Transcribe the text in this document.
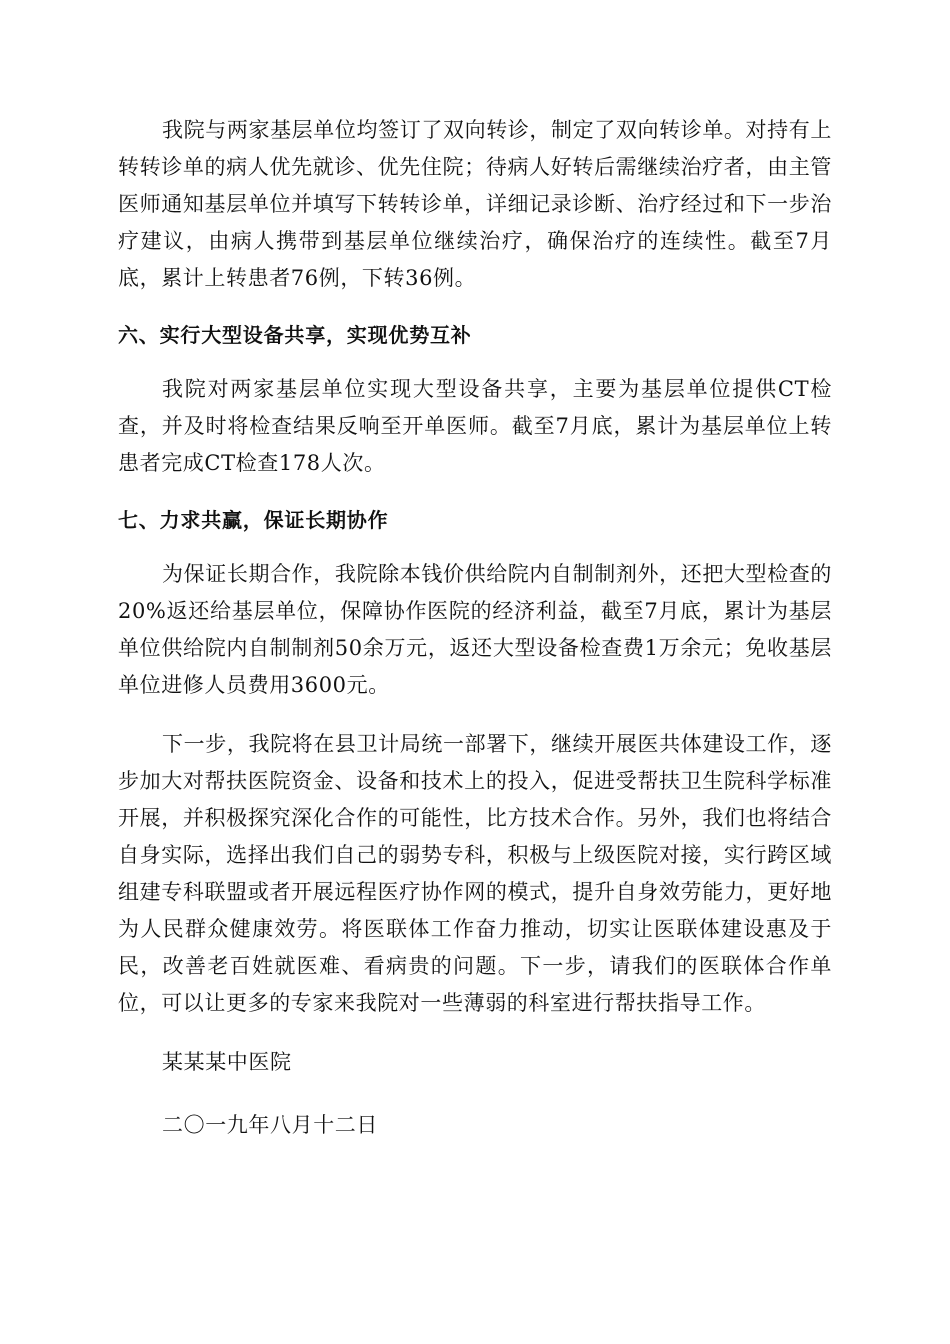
我院与两家基层单位均签订了双向转诊，制定了双向转诊单。对持有上转转诊单的病人优先就诊、优先住院；待病人好转后需继续治疗者，由主管医师通知基层单位并填写下转转诊单，详细记录诊断、治疗经过和下一步治疗建议，由病人携带到基层单位继续治疗，确保治疗的连续性。截至7月底，累计上转患者76例，下转36例。

六、实行大型设备共享，实现优势互补

我院对两家基层单位实现大型设备共享，主要为基层单位提供CT检查，并及时将检查结果反响至开单医师。截至7月底，累计为基层单位上转患者完成CT检查178人次。

七、力求共赢，保证长期协作

为保证长期合作，我院除本钱价供给院内自制制剂外，还把大型检查的20%返还给基层单位，保障协作医院的经济利益，截至7月底，累计为基层单位供给院内自制制剂50余万元，返还大型设备检查费1万余元；免收基层单位进修人员费用3600元。

下一步，我院将在县卫计局统一部署下，继续开展医共体建设工作，逐步加大对帮扶医院资金、设备和技术上的投入，促进受帮扶卫生院科学标准开展，并积极探究深化合作的可能性，比方技术合作。另外，我们也将结合自身实际，选择出我们自己的弱势专科，积极与上级医院对接，实行跨区域组建专科联盟或者开展远程医疗协作网的模式，提升自身效劳能力，更好地为人民群众健康效劳。将医联体工作奋力推动，切实让医联体建设惠及于民，改善老百姓就医难、看病贵的问题。下一步，请我们的医联体合作单位，可以让更多的专家来我院对一些薄弱的科室进行帮扶指导工作。

某某某中医院
二〇一九年八月十二日
